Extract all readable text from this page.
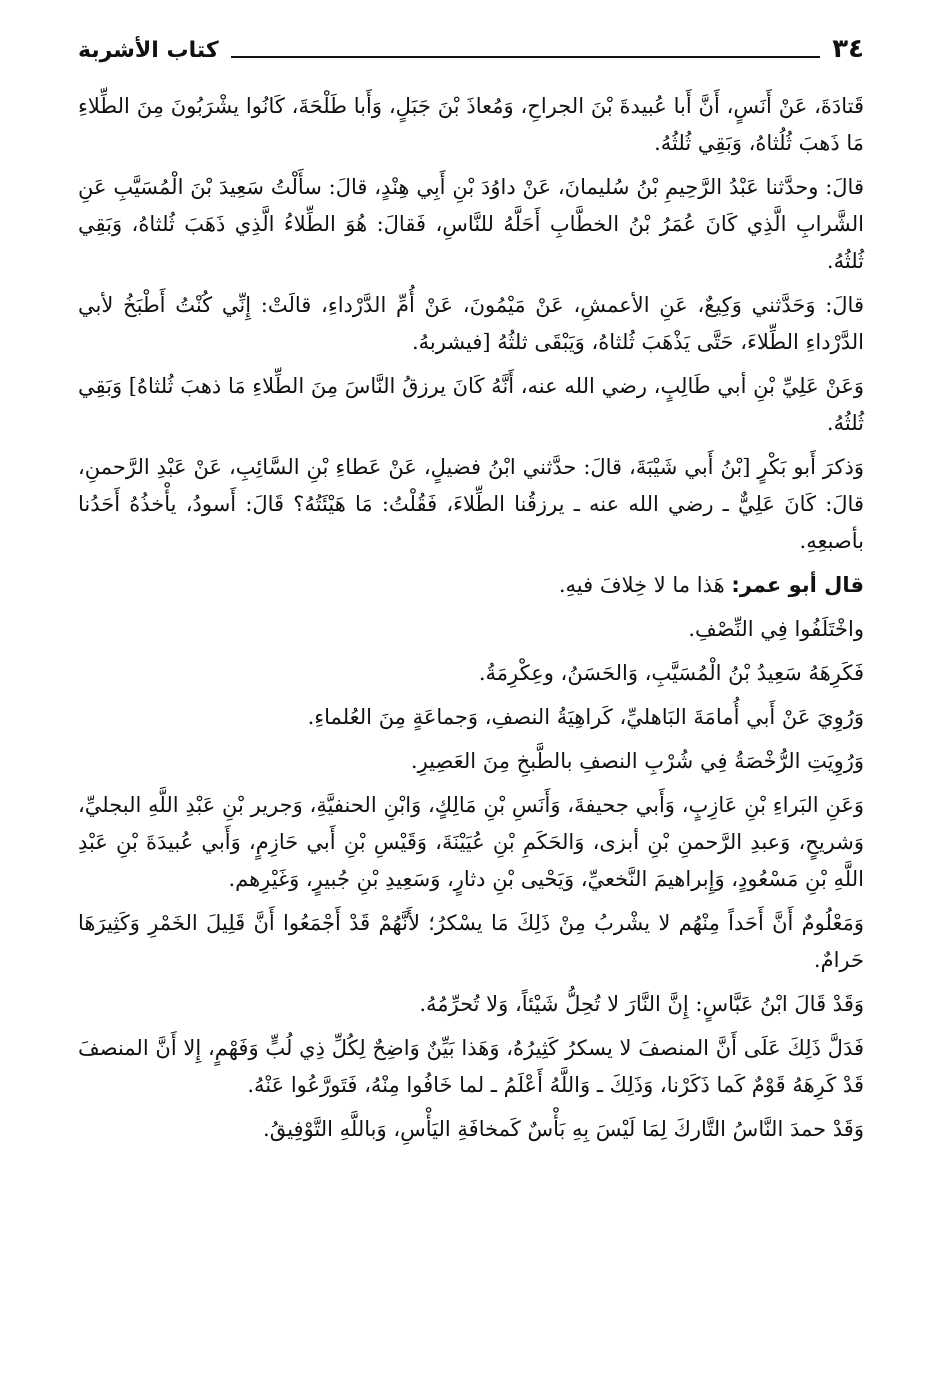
٣٤
كتاب الأشربة

قَتادَةَ، عَنْ أَنَسٍ، أَنَّ أَبا عُبيدةَ بْنَ الجراحِ، وَمُعاذَ بْنَ جَبَلٍ، وَأَبا طَلْحَةَ، كَانُوا يشْرَبُونَ مِنَ الطِّلاءِ مَا ذَهبَ ثُلُثاهُ، وَبَقِي ثُلثُهُ.

قالَ: وحدَّثنا عَبْدُ الرَّحِيمِ بْنُ سُليمانَ، عَنْ داوُدَ بْنِ أَبِي هِنْدٍ، قالَ: سأَلْتُ سَعِيدَ بْنَ الْمُسَيَّبِ عَنِ الشَّرابِ الَّذِي كَانَ عُمَرُ بْنُ الخطَّابِ أَحَلَّهُ للنَّاسِ، فَقالَ: هُوَ الطِّلاءُ الَّذِي ذَهَبَ ثُلثاهُ، وَبَقِي ثُلثُهُ.

قالَ: وَحَدَّثني وَكِيعٌ، عَنِ الأعمشِ، عَنْ مَيْمُونَ، عَنْ أُمِّ الدَّرْداءِ، قالَتْ: إِنِّي كُنْتُ أَطْبَخُ لأبي الدَّرْداءِ الطِّلاءَ، حَتَّى يَذْهَبَ ثُلثاهُ، وَيَبْقَى ثلثُهُ [فيشربهُ.

وَعَنْ عَلِيِّ بْنِ أبي طَالِبٍ، رضي الله عنه، أَنَّهُ كَانَ يرزقُ النَّاسَ مِنَ الطِّلاءِ مَا ذهبَ ثُلثاهُ] وَبَقِي ثُلثُهُ.

وَذكرَ أَبو بَكْرٍ [بْنُ أَبي شَيْبَةَ، قالَ: حدَّثني ابْنُ فضيلٍ، عَنْ عَطاءِ بْنِ السَّائِبِ، عَنْ عَبْدِ الرَّحمنِ، قالَ: كَانَ عَلِيٌّ ـ رضي الله عنه ـ يرزقُنا الطِّلاءَ، فَقُلْتُ: مَا هَيْئَتُهُ؟ قَالَ: أَسودُ، يأْخذُهُ أَحَدُنا بأصبعِهِ.

قال أبو عمر: هَذا ما لا خِلافَ فيهِ.

واخْتَلَفُوا فِي النِّصْفِ.

فَكَرِهَهُ سَعِيدُ بْنُ الْمُسَيَّبِ، وَالحَسَنُ، وعِكْرِمَةُ.

وَرُوِيَ عَنْ أَبي أُمامَةَ البَاهليِّ، كَراهِيَةُ النصفِ، وَجماعَةٍ مِنَ العُلماءِ.

وَرُوِيَتِ الرُّخْصَةُ فِي شُرْبِ النصفِ بالطَّبخِ مِنَ العَصِيرِ.

وَعَنِ البَراءِ بْنِ عَازِبٍ، وَأَبي جحيفةَ، وَأَنَسِ بْنِ مَالِكٍ، وَابْنِ الحنفيَّةِ، وَجرير بْنِ عَبْدِ اللَّهِ البجليِّ، وَشريحٍ، وَعبدِ الرَّحمنِ بْنِ أبزى، وَالحَكَمِ بْنِ عُيَيْنَةَ، وَقَيْسِ بْنِ أَبي حَازِمٍ، وَأَبي عُبيدَةَ بْنِ عَبْدِ اللَّهِ بْنِ مَسْعُودٍ، وَإِبراهيمَ النَّخعيِّ، وَيَحْيى بْنِ دثارٍ، وَسَعِيدِ بْنِ جُبيرٍ، وَغَيْرِهم.

وَمَعْلُومٌ أَنَّ أَحَداً مِنْهُم لا يشْربُ مِنْ ذَلِكَ مَا يسْكرُ؛ لأَنَّهُمْ قَدْ أَجْمَعُوا أَنَّ قَلِيلَ الخَمْرِ وَكَثِيرَهَا حَرامٌ.

وَقَدْ قَالَ ابْنُ عَبَّاسٍ: إِنَّ النَّارَ لا تُحِلُّ شَيْئاً، وَلا تُحرِّمُهُ.

فَدَلَّ ذَلِكَ عَلَى أَنَّ المنصفَ لا يسكرُ كَثِيرُهُ، وَهَذا بَيِّنٌ وَاضِحٌ لِكُلِّ ذِي لُبٍّ وَفَهْمٍ، إِلا أَنَّ المنصفَ قَدْ كَرِهَهُ قَوْمٌ كَما ذَكَرْنا، وَذَلِكَ ـ وَاللَّهُ أَعْلَمُ ـ لما خَافُوا مِنْهُ، فَتَورَّعُوا عَنْهُ.

وَقَدْ حمدَ النَّاسُ التَّاركَ لِمَا لَيْسَ بِهِ بَأْسٌ كَمخافَةِ اليَأْسِ، وَباللَّهِ التَّوْفِيقُ.
